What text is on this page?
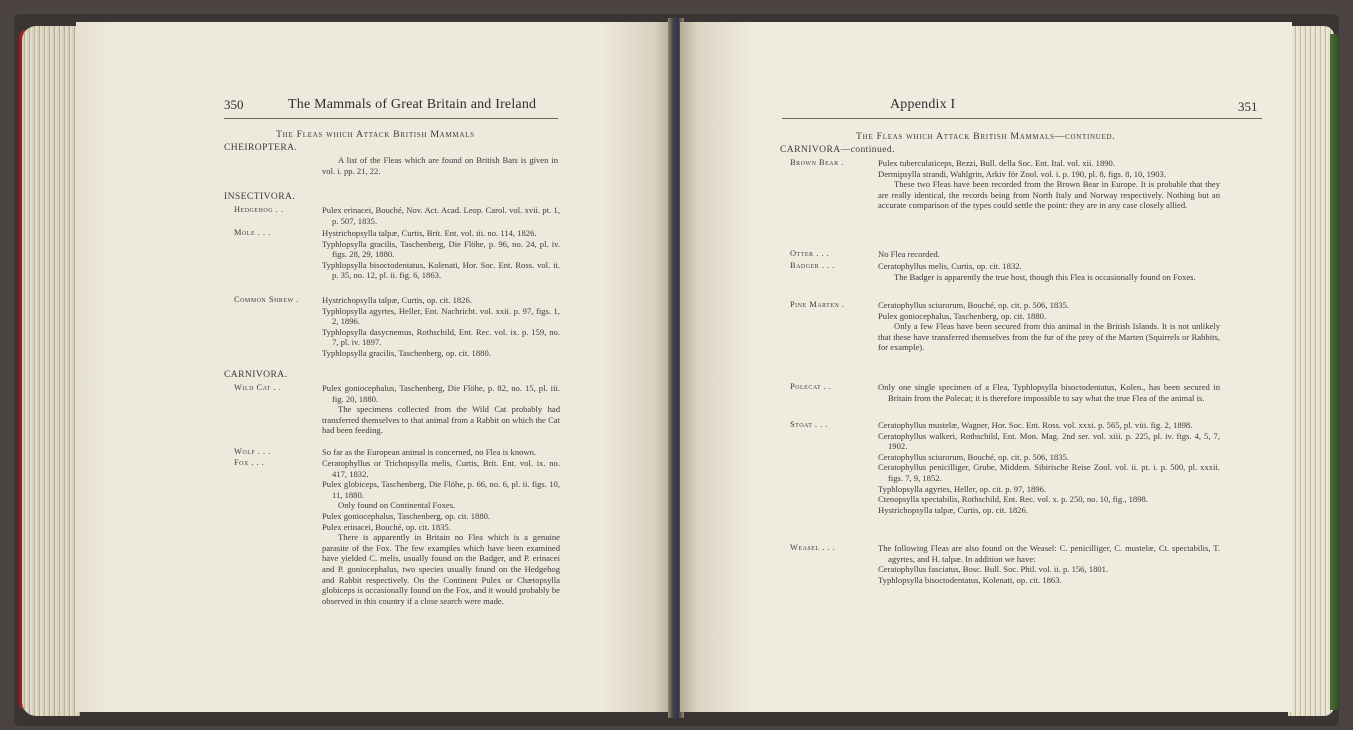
350	The Mammals of Great Britain and Ireland
The Fleas which Attack British Mammals
CHEIROPTERA.

A list of the Fleas which are found on British Bats is given in vol. i. pp. 21, 22.

INSECTIVORA.
Hedgehog . .	Pulex erinacei, Bouché, Nov. Act. Acad. Leop. Carol. vol. xvii. pt. 1, p. 507, 1835.

Mole . . .	Hystrichopsylla talpæ, Curtis, Brit. Ent. vol. iii. no. 114, 1826.

Typhlopsylla gracilis, Taschenberg, Die Flöhe, p. 96, no. 24, pl. iv. figs. 28, 29, 1880.

Typhlopsylla bisoctodentatus, Kolenati, Hor. Soc. Ent. Ross. vol. ii. p. 35, no. 12, pl. ii. fig. 6, 1863.

Common Shrew .	Hystrichopsylla talpæ, Curtis, op. cit. 1826.

Typhlopsylla agyrtes, Heller, Ent. Nachricht. vol. xxii. p. 97, figs. 1, 2, 1896.

Typhlopsylla dasycnemus, Rothschild, Ent. Rec. vol. ix. p. 159, no. 7, pl. iv. 1897.

Typhlopsylla gracilis, Taschenberg, op. cit. 1880.

CARNIVORA.
Wild Cat . .	Pulex goniocephalus, Taschenberg, Die Flöhe, p. 82, no. 15, pl. iii. fig. 20, 1880.

The specimens collected from the Wild Cat probably had transferred themselves to that animal from a Rabbit on which the Cat had been feeding.

Wolf . . .	So far as the European animal is concerned, no Flea is known.

Fox . . .	Ceratophyllus or Trichopsylla melis, Curtis, Brit. Ent. vol. ix. no. 417, 1832.

Pulex globiceps, Taschenberg, Die Flöhe, p. 66, no. 6, pl. ii. figs. 10, 11, 1880.

Only found on Continental Foxes.

Pulex goniocephalus, Taschenberg, op. cit. 1880.

Pulex erinacei, Bouché, op. cit. 1835.

There is apparently in Britain no Flea which is a genuine parasite of the Fox. The few examples which have been examined have yielded C. melis, usually found on the Badger, and P. erinacei and P. goniocephalus, two species usually found on the Hedgehog and Rabbit respectively. On the Continent Pulex or Chætopsylla globiceps is occasionally found on the Fox, and it would probably be observed in this country if a close search were made.

Appendix I	351
The Fleas which Attack British Mammals—continued.
CARNIVORA—continued.
Brown Bear .	Pulex tuberculaticeps, Bezzi, Bull. della Soc. Ent. Ital. vol. xii. 1890.

Dermipsylla strandi, Wahlgrin, Arkiv för Zool. vol. i. p. 190, pl. 8, figs. 8, 10, 1903.

These two Fleas have been recorded from the Brown Bear in Europe. It is probable that they are really identical, the records being from North Italy and Norway respectively. Nothing but an accurate comparison of the types could settle the point: they are in any case closely allied.

Otter . . .	No Flea recorded.

Badger . . .	Ceratophyllus melis, Curtis, op. cit. 1832.

The Badger is apparently the true host, though this Flea is occasionally found on Foxes.

Pine Marten .	Ceratophyllus sciurorum, Bouché, op. cit. p. 506, 1835.

Pulex goniocephalus, Taschenberg, op. cit. 1880.

Only a few Fleas have been secured from this animal in the British Islands. It is not unlikely that these have transferred themselves from the fur of the prey of the Marten (Squirrels or Rabbits, for example).

Polecat . .	Only one single specimen of a Flea, Typhlopsylla bisoctodentatus, Kolen., has been secured in Britain from the Polecat; it is therefore impossible to say what the true Flea of the animal is.

Stoat . . .	Ceratophyllus mustelæ, Wagner, Hor. Soc. Ent. Ross. vol. xxxi. p. 565, pl. viii. fig. 2, 1898.

Ceratophyllus walkeri, Rothschild, Ent. Mon. Mag. 2nd ser. vol. xiii. p. 225, pl. iv. figs. 4, 5, 7, 1902.

Ceratophyllus sciurorum, Bouché, op. cit. p. 506, 1835.

Ceratophyllus penicilliger, Grube, Middem. Sibirische Reise Zool. vol. ii. pt. i. p. 500, pl. xxxii. figs. 7, 9, 1852.

Typhlopsylla agyrtes, Heller, op. cit. p. 97, 1896.

Ctenopsylla spectabilis, Rothschild, Ent. Rec. vol. x. p. 250, no. 10, fig., 1898.

Hystrichopsylla talpæ, Curtis, op. cit. 1826.

Weasel . . .	The following Fleas are also found on the Weasel: C. penicilliger, C. mustelæ, Ct. spectabilis, T. agyrtes, and H. talpæ. In addition we have:

Ceratophyllus fasciatus, Bosc. Bull. Soc. Phil. vol. ii. p. 156, 1801.

Typhlopsylla bisoctodentatus, Kolenati, op. cit. 1863.
